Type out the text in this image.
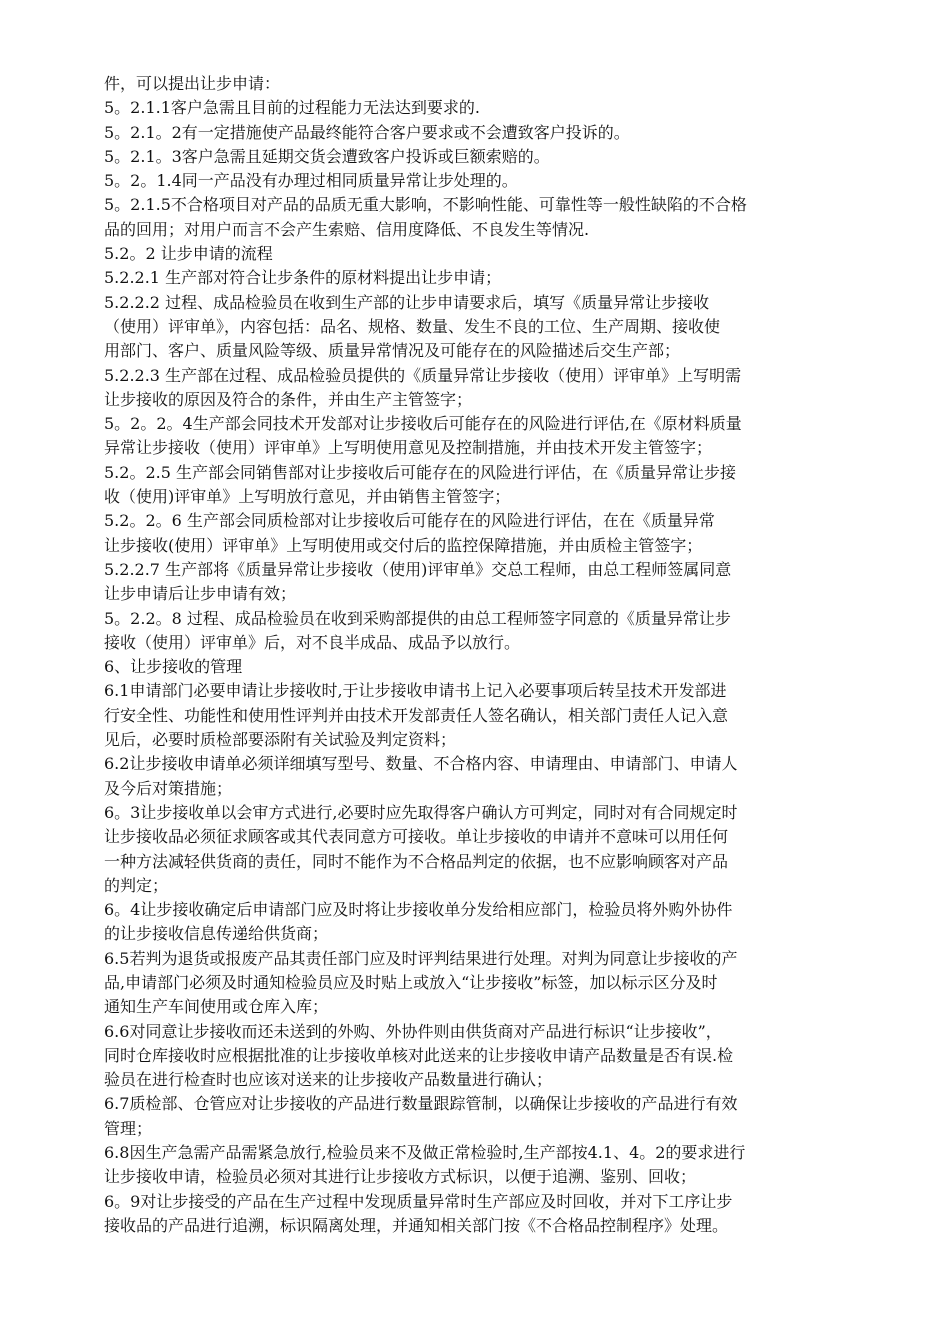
件，可以提出让步申请：
5。2.1.1客户急需且目前的过程能力无法达到要求的.
5。2.1。2有一定措施使产品最终能符合客户要求或不会遭致客户投诉的。
5。2.1。3客户急需且延期交货会遭致客户投诉或巨额索赔的。
5。2。1.4同一产品没有办理过相同质量异常让步处理的。
5。2.1.5不合格项目对产品的品质无重大影响，不影响性能、可靠性等一般性缺陷的不合格
品的回用；对用户而言不会产生索赔、信用度降低、不良发生等情况.
5.2。2 让步申请的流程
5.2.2.1 生产部对符合让步条件的原材料提出让步申请；
5.2.2.2 过程、成品检验员在收到生产部的让步申请要求后，填写《质量异常让步接收
（使用）评审单》，内容包括：品名、规格、数量、发生不良的工位、生产周期、接收使
用部门、客户、质量风险等级、质量异常情况及可能存在的风险描述后交生产部；
5.2.2.3 生产部在过程、成品检验员提供的《质量异常让步接收（使用）评审单》上写明需
让步接收的原因及符合的条件，并由生产主管签字；
5。2。2。4生产部会同技术开发部对让步接收后可能存在的风险进行评估,在《原材料质量
异常让步接收（使用）评审单》上写明使用意见及控制措施，并由技术开发主管签字；
5.2。2.5 生产部会同销售部对让步接收后可能存在的风险进行评估，在《质量异常让步接
收（使用)评审单》上写明放行意见，并由销售主管签字；
5.2。2。6 生产部会同质检部对让步接收后可能存在的风险进行评估，在在《质量异常
让步接收(使用）评审单》上写明使用或交付后的监控保障措施，并由质检主管签字；
5.2.2.7 生产部将《质量异常让步接收（使用)评审单》交总工程师，由总工程师签属同意
让步申请后让步申请有效；
5。2.2。8 过程、成品检验员在收到采购部提供的由总工程师签字同意的《质量异常让步
接收（使用）评审单》后，对不良半成品、成品予以放行。
6、让步接收的管理
6.1申请部门必要申请让步接收时,于让步接收申请书上记入必要事项后转呈技术开发部进
行安全性、功能性和使用性评判并由技术开发部责任人签名确认，相关部门责任人记入意
见后，必要时质检部要添附有关试验及判定资料；
6.2让步接收申请单必须详细填写型号、数量、不合格内容、申请理由、申请部门、申请人
及今后对策措施；
6。3让步接收单以会审方式进行,必要时应先取得客户确认方可判定，同时对有合同规定时
让步接收品必须征求顾客或其代表同意方可接收。单让步接收的申请并不意味可以用任何
一种方法减轻供货商的责任，同时不能作为不合格品判定的依据，也不应影响顾客对产品
的判定；
6。4让步接收确定后申请部门应及时将让步接收单分发给相应部门，检验员将外购外协件
的让步接收信息传递给供货商；
6.5若判为退货或报废产品其责任部门应及时评判结果进行处理。对判为同意让步接收的产
品,申请部门必须及时通知检验员应及时贴上或放入“让步接收”标签，加以标示区分及时
通知生产车间使用或仓库入库；
6.6对同意让步接收而还未送到的外购、外协件则由供货商对产品进行标识“让步接收”，
同时仓库接收时应根据批准的让步接收单核对此送来的让步接收申请产品数量是否有误.检
验员在进行检查时也应该对送来的让步接收产品数量进行确认；
6.7质检部、仓管应对让步接收的产品进行数量跟踪管制，以确保让步接收的产品进行有效
管理；
6.8因生产急需产品需紧急放行,检验员来不及做正常检验时,生产部按4.1、4。2的要求进行
让步接收申请，检验员必须对其进行让步接收方式标识，以便于追溯、鉴别、回收；
6。9对让步接受的产品在生产过程中发现质量异常时生产部应及时回收，并对下工序让步
接收品的产品进行追溯，标识隔离处理，并通知相关部门按《不合格品控制程序》处理。
